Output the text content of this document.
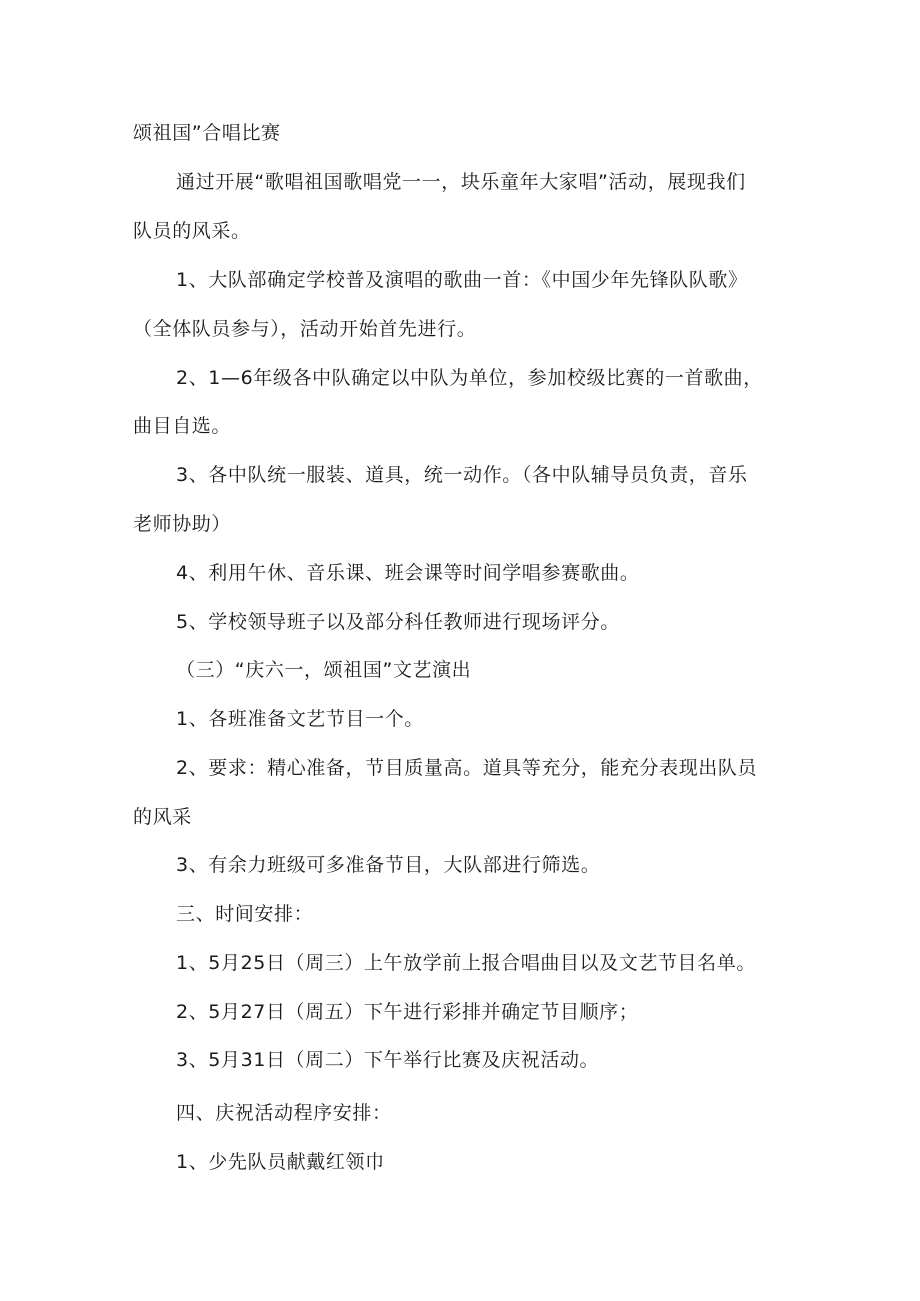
颂祖国”合唱比赛
通过开展“歌唱祖国歌唱党一一，块乐童年大家唱”活动，展现我们
队员的风采。
1、大队部确定学校普及演唱的歌曲一首：《中国少年先锋队队歌》
（全体队员参与），活动开始首先进行。
2、1—6年级各中队确定以中队为单位，参加校级比赛的一首歌曲，
曲目自选。
3、各中队统一服装、道具，统一动作。（各中队辅导员负责，音乐
老师协助）
4、利用午休、音乐课、班会课等时间学唱参赛歌曲。
5、学校领导班子以及部分科任教师进行现场评分。
（三）“庆六一，颂祖国”文艺演出
1、各班准备文艺节目一个。
2、要求：精心准备，节目质量高。道具等充分，能充分表现出队员
的风采
3、有余力班级可多准备节目，大队部进行筛选。
三、时间安排：
1、5月25日（周三）上午放学前上报合唱曲目以及文艺节目名单。
2、5月27日（周五）下午进行彩排并确定节目顺序；
3、5月31日（周二）下午举行比赛及庆祝活动。
四、庆祝活动程序安排：
1、少先队员献戴红领巾
